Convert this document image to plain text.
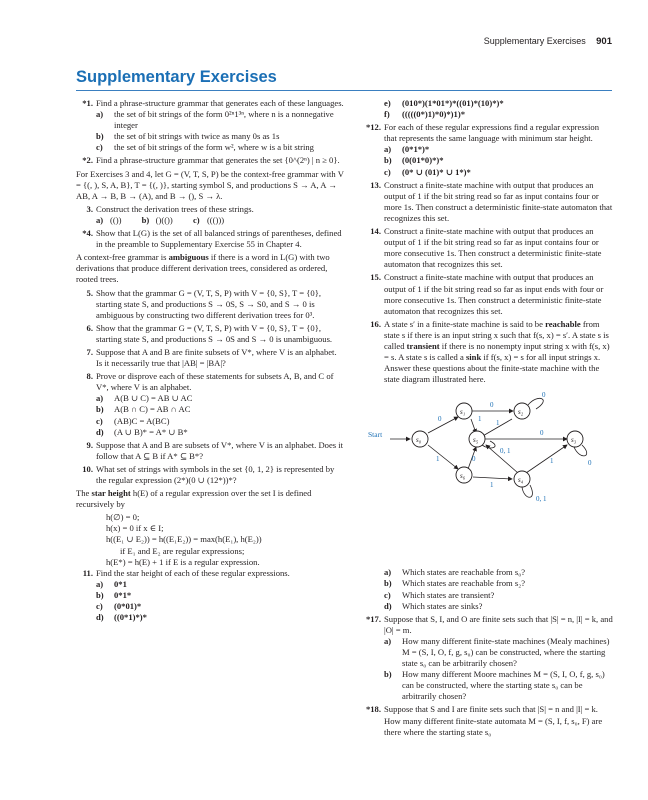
Supplementary Exercises 901
Supplementary Exercises
*1. Find a phrase-structure grammar that generates each of these languages.
a) the set of bit strings of the form 0²ⁿ1³ⁿ, where n is a nonnegative integer
b) the set of bit strings with twice as many 0s as 1s
c) the set of bit strings of the form w², where w is a bit string
*2. Find a phrase-structure grammar that generates the set {0^(2ⁿ) | n ≥ 0}.
For Exercises 3 and 4, let G = (V, T, S, P) be the context-free grammar with V = {(, ), S, A, B}, T = {(, )}, starting symbol S, and productions S → A, A → AB, A → B, B → (A), and B → (), S → λ.
3. Construct the derivation trees of these strings.
a) (()) b) ()(()) c) ((()))
*4. Show that L(G) is the set of all balanced strings of parentheses, defined in the preamble to Supplementary Exercise 55 in Chapter 4.
A context-free grammar is ambiguous if there is a word in L(G) with two derivations that produce different derivation trees, considered as ordered, rooted trees.
5. Show that the grammar G = (V, T, S, P) with V = {0, S}, T = {0}, starting state S, and productions S → 0S, S → S0, and S → 0 is ambiguous by constructing two different derivation trees for 0³.
6. Show that the grammar G = (V, T, S, P) with V = {0, S}, T = {0}, starting state S, and productions S → 0S and S → 0 is unambiguous.
7. Suppose that A and B are finite subsets of V*, where V is an alphabet. Is it necessarily true that |AB| = |BA|?
8. Prove or disprove each of these statements for subsets A, B, and C of V*, where V is an alphabet.
a) A(B ∪ C) = AB ∪ AC
b) A(B ∩ C) = AB ∩ AC
c) (AB)C = A(BC)
d) (A ∪ B)* = A* ∪ B*
9. Suppose that A and B are subsets of V*, where V is an alphabet. Does it follow that A ⊆ B if A* ⊆ B*?
10. What set of strings with symbols in the set {0, 1, 2} is represented by the regular expression (2*)(0 ∪ (12*))*?
The star height h(E) of a regular expression over the set I is defined recursively by
h(∅) = 0;
h(x) = 0 if x ∈ I;
h((E₁ ∪ E₂)) = h((E₁E₂)) = max(h(E₁), h(E₂))
if E₁ and E₂ are regular expressions;
h(E*) = h(E) + 1 if E is a regular expression.
11. Find the star height of each of these regular expressions.
a) 0*1
b) 0*1*
c) (0*01)*
d) ((0*1)*)*
e) (010*)(1*01*)*((01)*(10)*)*
f) (((((0*)1)*0)*)1)*
*12. For each of these regular expressions find a regular expression that represents the same language with minimum star height.
a) (0*1*)*
b) (0(01*0)*)*
c) (0* ∪ (01)* ∪ 1*)*
13. Construct a finite-state machine with output that produces an output of 1 if the bit string read so far as input contains four or more 1s. Then construct a deterministic finite-state automaton that recognizes this set.
14. Construct a finite-state machine with output that produces an output of 1 if the bit string read so far as input contains four or more consecutive 1s. Then construct a deterministic finite-state automaton that recognizes this set.
15. Construct a finite-state machine with output that produces an output of 1 if the bit string read so far as input ends with four or more consecutive 1s. Then construct a deterministic finite-state automaton that recognizes this set.
16. A state s′ in a finite-state machine is said to be reachable from state s if there is an input string x such that f(s, x) = s′. A state s is called transient if there is no nonempty input string x with f(s, x) = s. A state s is called a sink if f(s, x) = s for all input strings x. Answer these questions about the finite-state machine with the state diagram illustrated here.
Start
s₀
s₁	s₂
s₃
s₄
s₅
s₆
0	1
0
1
0
1	0
0, 1
1
0
1
0, 1
0
a) Which states are reachable from s₀?
b) Which states are reachable from s₂?
c) Which states are transient?
d) Which states are sinks?
*17. Suppose that S, I, and O are finite sets such that |S| = n, |I| = k, and |O| = m.
a) How many different finite-state machines (Mealy machines) M = (S, I, O, f, g, s₀) can be constructed, where the starting state s₀ can be arbitrarily chosen?
b) How many different Moore machines M = (S, I, O, f, g, s₀) can be constructed, where the starting state s₀ can be arbitrarily chosen?
*18. Suppose that S and I are finite sets such that |S| = n and |I| = k. How many different finite-state automata M = (S, I, f, s₀, F) are there where the starting state s₀
